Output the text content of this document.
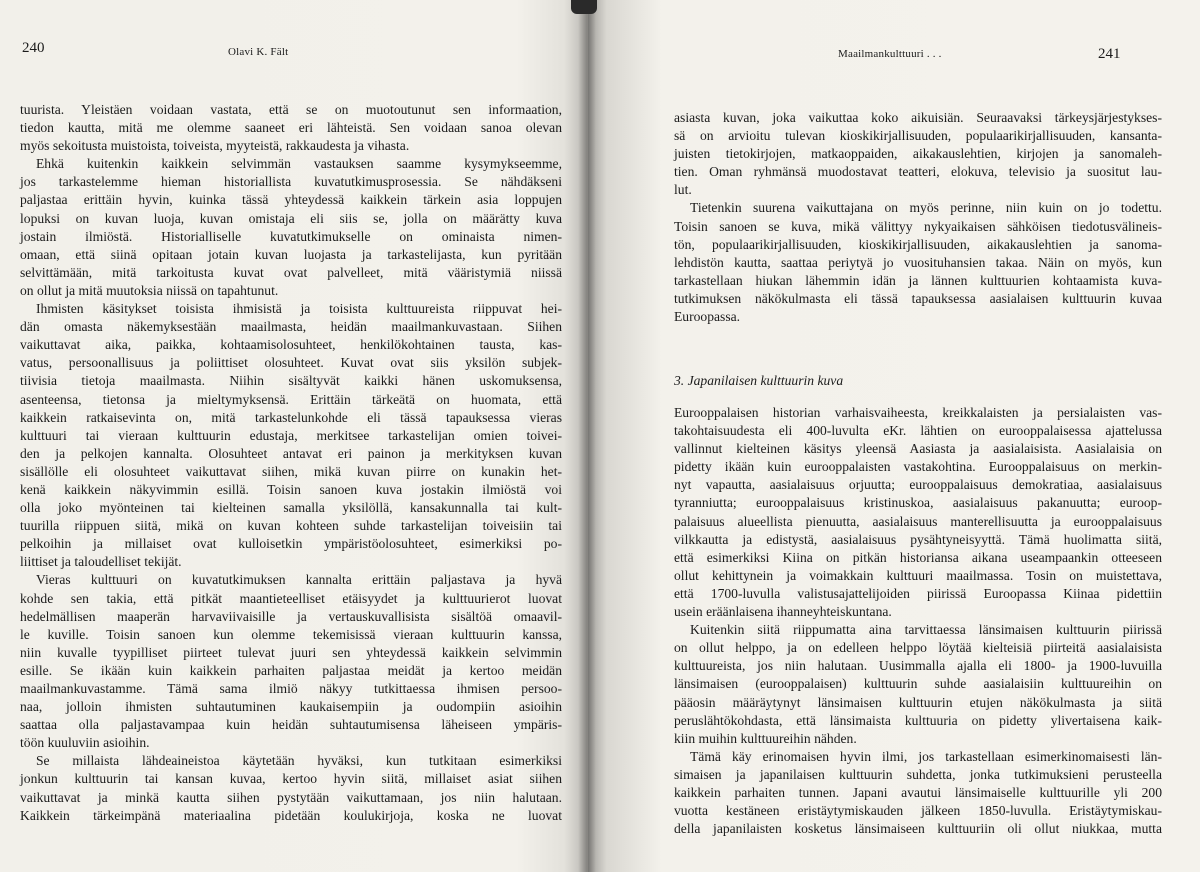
240	Olavi K. Fält

tuurista. Yleistäen voidaan vastata, että se on muotoutunut sen informaation,

tiedon kautta, mitä me olemme saaneet eri lähteistä. Sen voidaan sanoa olevan

myös sekoitusta muistoista, toiveista, myyteistä, rakkaudesta ja vihasta.

Ehkä kuitenkin kaikkein selvimmän vastauksen saamme kysymykseemme,

jos tarkastelemme hieman historiallista kuvatutkimusprosessia. Se nähdäkseni

paljastaa erittäin hyvin, kuinka tässä yhteydessä kaikkein tärkein asia loppujen

lopuksi on kuvan luoja, kuvan omistaja eli siis se, jolla on määrätty kuva

jostain ilmiöstä. Historialliselle kuvatutkimukselle on ominaista nimen-

omaan, että siinä opitaan jotain kuvan luojasta ja tarkastelijasta, kun pyritään

selvittämään, mitä tarkoitusta kuvat ovat palvelleet, mitä vääristymiä niissä

on ollut ja mitä muutoksia niissä on tapahtunut.

Ihmisten käsitykset toisista ihmisistä ja toisista kulttuureista riippuvat hei-

dän omasta näkemyksestään maailmasta, heidän maailmankuvastaan. Siihen

vaikuttavat aika, paikka, kohtaamisolosuhteet, henkilökohtainen tausta, kas-

vatus, persoonallisuus ja poliittiset olosuhteet. Kuvat ovat siis yksilön subjek-

tiivisia tietoja maailmasta. Niihin sisältyvät kaikki hänen uskomuksensa,

asenteensa, tietonsa ja mieltymyksensä. Erittäin tärkeätä on huomata, että

kaikkein ratkaisevinta on, mitä tarkastelunkohde eli tässä tapauksessa vieras

kulttuuri tai vieraan kulttuurin edustaja, merkitsee tarkastelijan omien toivei-

den ja pelkojen kannalta. Olosuhteet antavat eri painon ja merkityksen kuvan

sisällölle eli olosuhteet vaikuttavat siihen, mikä kuvan piirre on kunakin het-

kenä kaikkein näkyvimmin esillä. Toisin sanoen kuva jostakin ilmiöstä voi

olla joko myönteinen tai kielteinen samalla yksilöllä, kansakunnalla tai kult-

tuurilla riippuen siitä, mikä on kuvan kohteen suhde tarkastelijan toiveisiin tai

pelkoihin ja millaiset ovat kulloisetkin ympäristöolosuhteet, esimerkiksi po-

liittiset ja taloudelliset tekijät.

Vieras kulttuuri on kuvatutkimuksen kannalta erittäin paljastava ja hyvä

kohde sen takia, että pitkät maantieteelliset etäisyydet ja kulttuurierot luovat

hedelmällisen maaperän harvaviivaisille ja vertauskuvallisista sisältöä omaavil-

le kuville. Toisin sanoen kun olemme tekemisissä vieraan kulttuurin kanssa,

niin kuvalle tyypilliset piirteet tulevat juuri sen yhteydessä kaikkein selvimmin

esille. Se ikään kuin kaikkein parhaiten paljastaa meidät ja kertoo meidän

maailmankuvastamme. Tämä sama ilmiö näkyy tutkittaessa ihmisen persoo-

naa, jolloin ihmisten suhtautuminen kaukaisempiin ja oudompiin asioihin

saattaa olla paljastavampaa kuin heidän suhtautumisensa läheiseen ympäris-

töön kuuluviin asioihin.

Se millaista lähdeaineistoa käytetään hyväksi, kun tutkitaan esimerkiksi

jonkun kulttuurin tai kansan kuvaa, kertoo hyvin siitä, millaiset asiat siihen

vaikuttavat ja minkä kautta siihen pystytään vaikuttamaan, jos niin halutaan.

Kaikkein tärkeimpänä materiaalina pidetään koulukirjoja, koska ne luovat

Maailmankulttuuri . . .	241

asiasta kuvan, joka vaikuttaa koko aikuisiän. Seuraavaksi tärkeysjärjestykses-

sä on arvioitu tulevan kioskikirjallisuuden, populaarikirjallisuuden, kansanta-

juisten tietokirjojen, matkaoppaiden, aikakauslehtien, kirjojen ja sanomaleh-

tien. Oman ryhmänsä muodostavat teatteri, elokuva, televisio ja suositut lau-

lut.

Tietenkin suurena vaikuttajana on myös perinne, niin kuin on jo todettu.

Toisin sanoen se kuva, mikä välittyy nykyaikaisen sähköisen tiedotusvälineis-

tön, populaarikirjallisuuden, kioskikirjallisuuden, aikakauslehtien ja sanoma-

lehdistön kautta, saattaa periytyä jo vuosituhansien takaa. Näin on myös, kun

tarkastellaan hiukan lähemmin idän ja lännen kulttuurien kohtaamista kuva-

tutkimuksen näkökulmasta eli tässä tapauksessa aasialaisen kulttuurin kuvaa

Euroopassa.

3. Japanilaisen kulttuurin kuva

Eurooppalaisen historian varhaisvaiheesta, kreikkalaisten ja persialaisten vas-

takohtaisuudesta eli 400-luvulta eKr. lähtien on eurooppalaisessa ajattelussa

vallinnut kielteinen käsitys yleensä Aasiasta ja aasialaisista. Aasialaisia on

pidetty ikään kuin eurooppalaisten vastakohtina. Eurooppalaisuus on merkin-

nyt vapautta, aasialaisuus orjuutta; eurooppalaisuus demokratiaa, aasialaisuus

tyranniutta; eurooppalaisuus kristinuskoa, aasialaisuus pakanuutta; euroop-

palaisuus alueellista pienuutta, aasialaisuus manterellisuutta ja eurooppalaisuus

vilkkautta ja edistystä, aasialaisuus pysähtyneisyyttä. Tämä huolimatta siitä,

että esimerkiksi Kiina on pitkän historiansa aikana useampaankin otteeseen

ollut kehittynein ja voimakkain kulttuuri maailmassa. Tosin on muistettava,

että 1700-luvulla valistusajattelijoiden piirissä Euroopassa Kiinaa pidettiin

usein eräänlaisena ihanneyhteiskuntana.

Kuitenkin siitä riippumatta aina tarvittaessa länsimaisen kulttuurin piirissä

on ollut helppo, ja on edelleen helppo löytää kielteisiä piirteitä aasialaisista

kulttuureista, jos niin halutaan. Uusimmalla ajalla eli 1800- ja 1900-luvuilla

länsimaisen (eurooppalaisen) kulttuurin suhde aasialaisiin kulttuureihin on

pääosin määräytynyt länsimaisen kulttuurin etujen näkökulmasta ja siitä

peruslähtökohdasta, että länsimaista kulttuuria on pidetty ylivertaisena kaik-

kiin muihin kulttuureihin nähden.

Tämä käy erinomaisen hyvin ilmi, jos tarkastellaan esimerkinomaisesti län-

simaisen ja japanilaisen kulttuurin suhdetta, jonka tutkimuksieni perusteella

kaikkein parhaiten tunnen. Japani avautui länsimaiselle kulttuurille yli 200

vuotta kestäneen eristäytymiskauden jälkeen 1850-luvulla. Eristäytymiskau-

della japanilaisten kosketus länsimaiseen kulttuuriin oli ollut niukkaa, mutta
